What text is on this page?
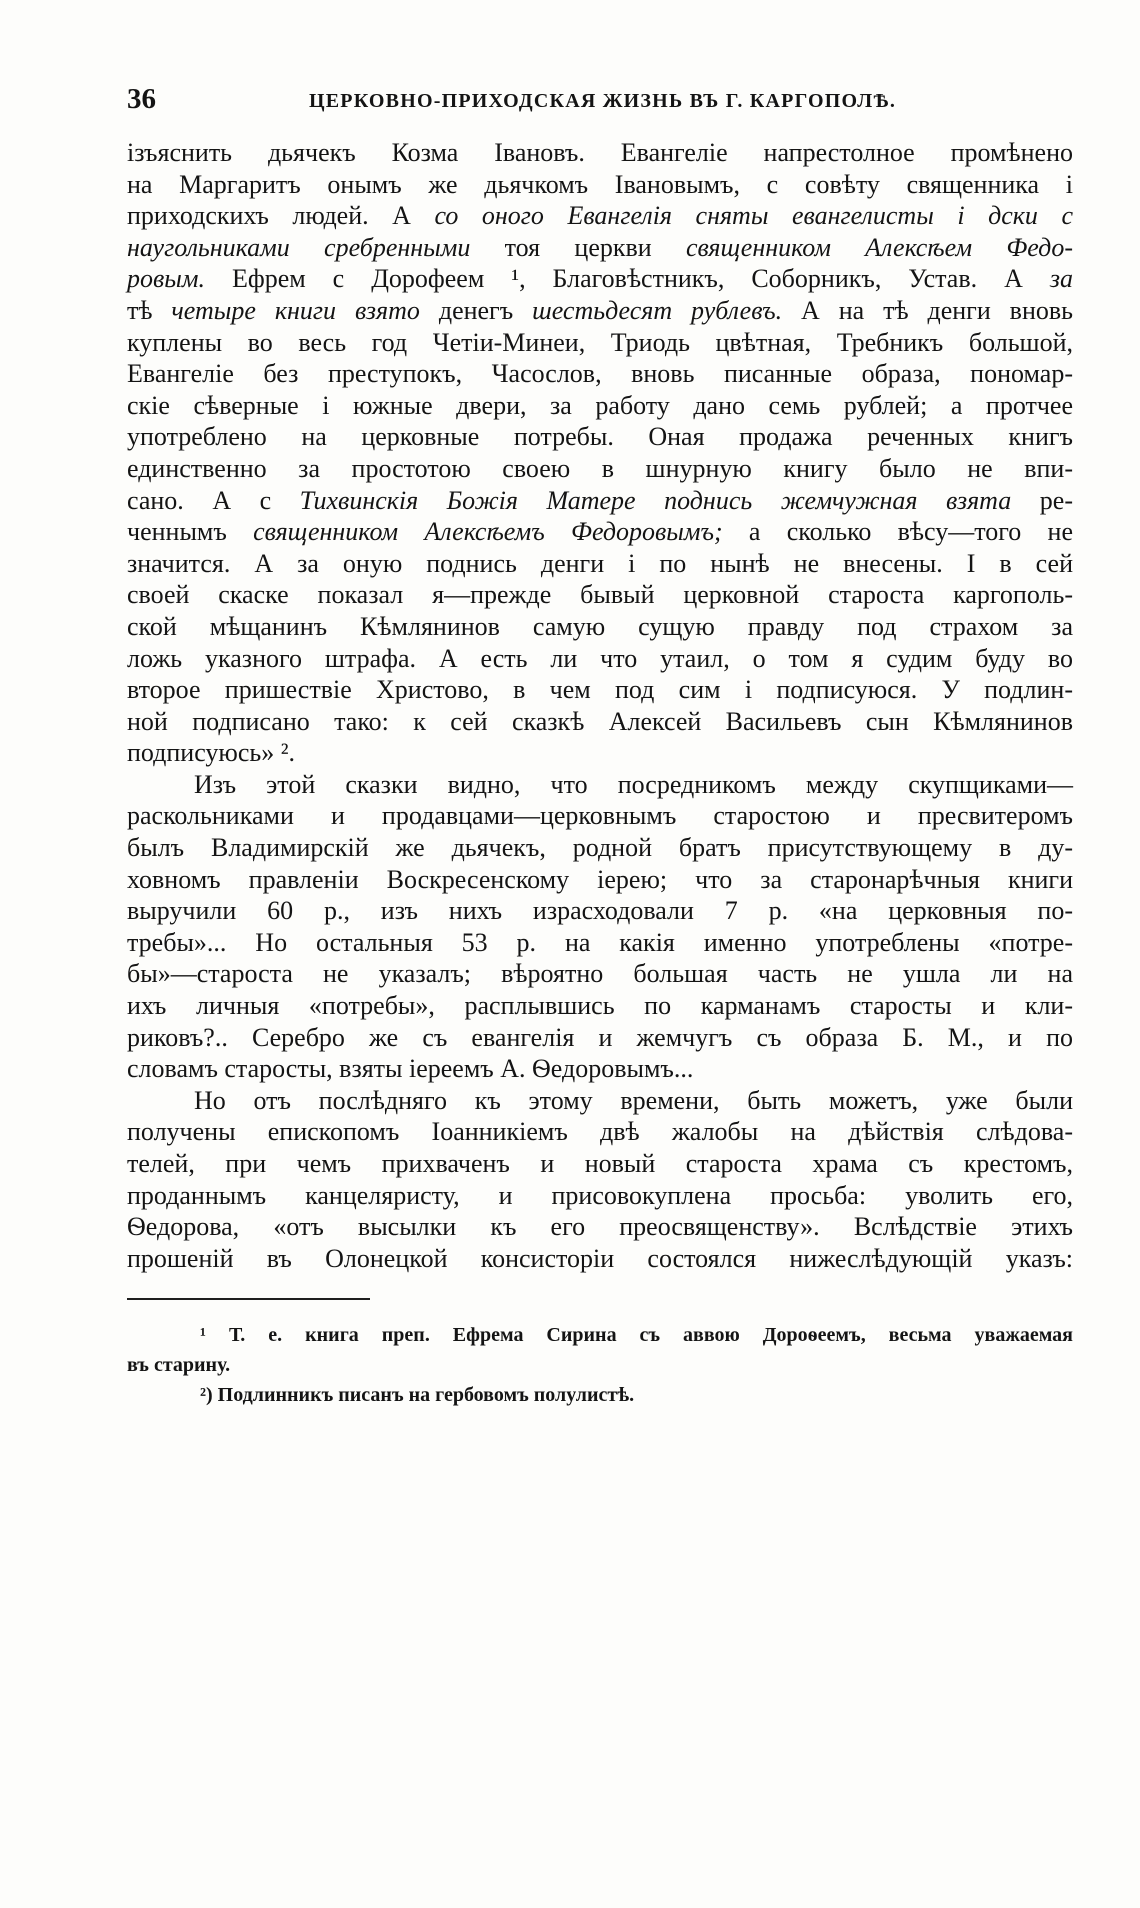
36	ЦЕРКОВНО-ПРИХОДСКАЯ ЖИЗНЬ ВЪ Г. КАРГОПОЛѢ.
ізъяснить дьячекъ Козма Івановъ. Евангеліе напрестолное промѣнено
на Маргаритъ онымъ же дьячкомъ Івановымъ, с совѣту священника і
приходскихъ людей. А со оного Евангелія сняты евангелисты і дски с
наугольниками сребренными тоя церкви священником Алексѣем Федо-
ровым. Ефрем с Дорофеем ¹, Благовѣстникъ, Соборникъ, Устав. А за
тѣ четыре книги взято денегъ шестьдесят рублевъ. А на тѣ денги вновь
куплены во весь год Четіи-Минеи, Триодь цвѣтная, Требникъ большой,
Евангеліе без преступокъ, Часослов, вновь писанные образа, пономар-
скіе сѣверные і южные двери, за работу дано семь рублей; а протчее
употреблено на церковные потребы. Оная продажа реченных книгъ
единственно за простотою своею в шнурную книгу было не впи-
сано. А с Тихвинскія Божія Матере поднись жемчужная взята ре-
ченнымъ священником Алексѣемъ Федоровымъ; а сколько вѣсу—того не
значится. А за оную поднись денги і по нынѣ не внесены. І в сей
своей скаске показал я—прежде бывый церковной староста каргополь-
ской мѣщанинъ Кѣмлянинов самую сущую правду под страхом за
ложь указного штрафа. А есть ли что утаил, о том я судим буду во
второе пришествіе Христово, в чем под сим і подписуюся. У подлин-
ной подписано тако: к сей сказкѣ Алексей Васильевъ сын Кѣмлянинов
подписуюсь» ².
Изъ этой сказки видно, что посредникомъ между скупщиками—
раскольниками и продавцами—церковнымъ старостою и пресвитеромъ
былъ Владимирскій же дьячекъ, родной братъ присутствующему в ду-
ховномъ правленіи Воскресенскому іерею; что за старонарѣчныя книги
выручили 60 р., изъ нихъ израсходовали 7 р. «на церковныя по-
требы»... Но остальныя 53 р. на какія именно употреблены «потре-
бы»—староста не указалъ; вѣроятно большая часть не ушла ли на
ихъ личныя «потребы», расплывшись по карманамъ старосты и кли-
риковъ?.. Серебро же съ евангелія и жемчугъ съ образа Б. М., и по
словамъ старосты, взяты іереемъ А. Ѳедоровымъ...
Но отъ послѣдняго къ этому времени, быть можетъ, уже были
получены епископомъ Іоанникіемъ двѣ жалобы на дѣйствія слѣдова-
телей, при чемъ прихваченъ и новый староста храма съ крестомъ,
проданнымъ канцеляристу, и присовокуплена просьба: уволить его,
Ѳедорова, «отъ высылки къ его преосвященству». Вслѣдствіе этихъ
прошеній въ Олонецкой консисторіи состоялся нижеслѣдующій указъ:
¹ Т. е. книга преп. Ефрема Сирина съ аввою Дороѳеемъ, весьма уважаемая
въ старину.
²) Подлинникъ писанъ на гербовомъ полулистѣ.
